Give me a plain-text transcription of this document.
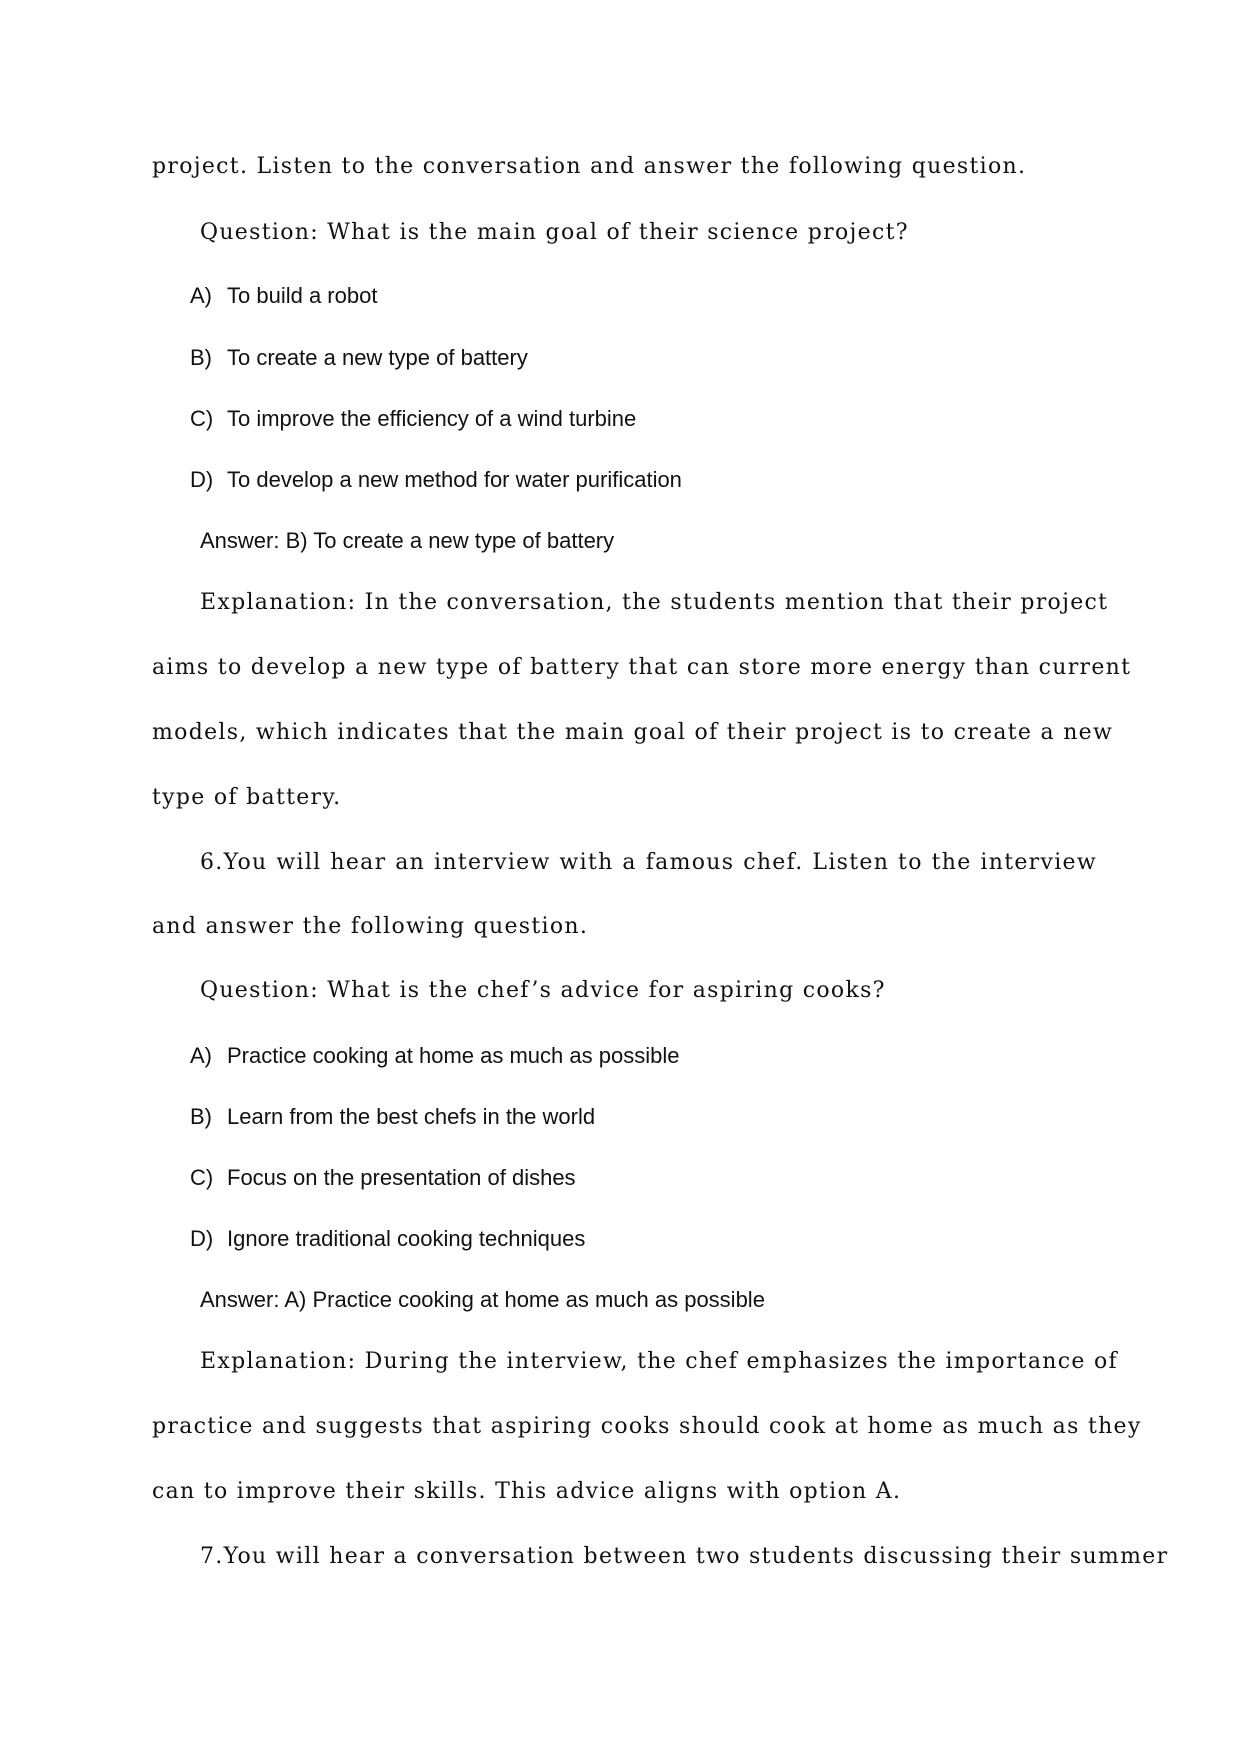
project. Listen to the conversation and answer the following question.

Question: What is the main goal of their science project?

A) To build a robot
B) To create a new type of battery
C) To improve the efficiency of a wind turbine
D) To develop a new method for water purification

Answer: B) To create a new type of battery

Explanation: In the conversation, the students mention that their project

aims to develop a new type of battery that can store more energy than current

models, which indicates that the main goal of their project is to create a new

type of battery.

6.You will hear an interview with a famous chef. Listen to the interview

and answer the following question.

Question: What is the chef’s advice for aspiring cooks?

A) Practice cooking at home as much as possible
B) Learn from the best chefs in the world
C) Focus on the presentation of dishes
D) Ignore traditional cooking techniques

Answer: A) Practice cooking at home as much as possible

Explanation: During the interview, the chef emphasizes the importance of

practice and suggests that aspiring cooks should cook at home as much as they

can to improve their skills. This advice aligns with option A.

7.You will hear a conversation between two students discussing their summer
